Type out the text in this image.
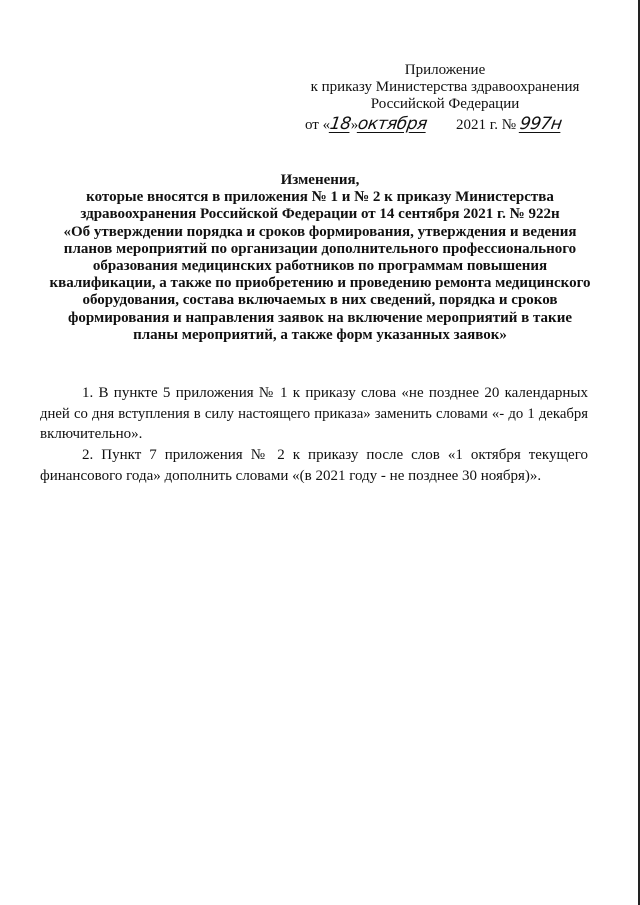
Приложение
к приказу Министерства здравоохранения
Российской Федерации
от «18»октября 2021 г. № 997н
Изменения,
которые вносятся в приложения № 1 и № 2 к приказу Министерства
здравоохранения Российской Федерации от 14 сентября 2021 г. № 922н
«Об утверждении порядка и сроков формирования, утверждения и ведения
планов мероприятий по организации дополнительного профессионального
образования медицинских работников по программам повышения
квалификации, а также по приобретению и проведению ремонта медицинского
оборудования, состава включаемых в них сведений, порядка и сроков
формирования и направления заявок на включение мероприятий в такие
планы мероприятий, а также форм указанных заявок»
1. В пункте 5 приложения № 1 к приказу слова «не позднее 20 календарных
дней со дня вступления в силу настоящего приказа» заменить словами «- до 1 декабря
включительно».
2. Пункт 7 приложения № 2 к приказу после слов «1 октября текущего
финансового года» дополнить словами «(в 2021 году - не позднее 30 ноября)».
